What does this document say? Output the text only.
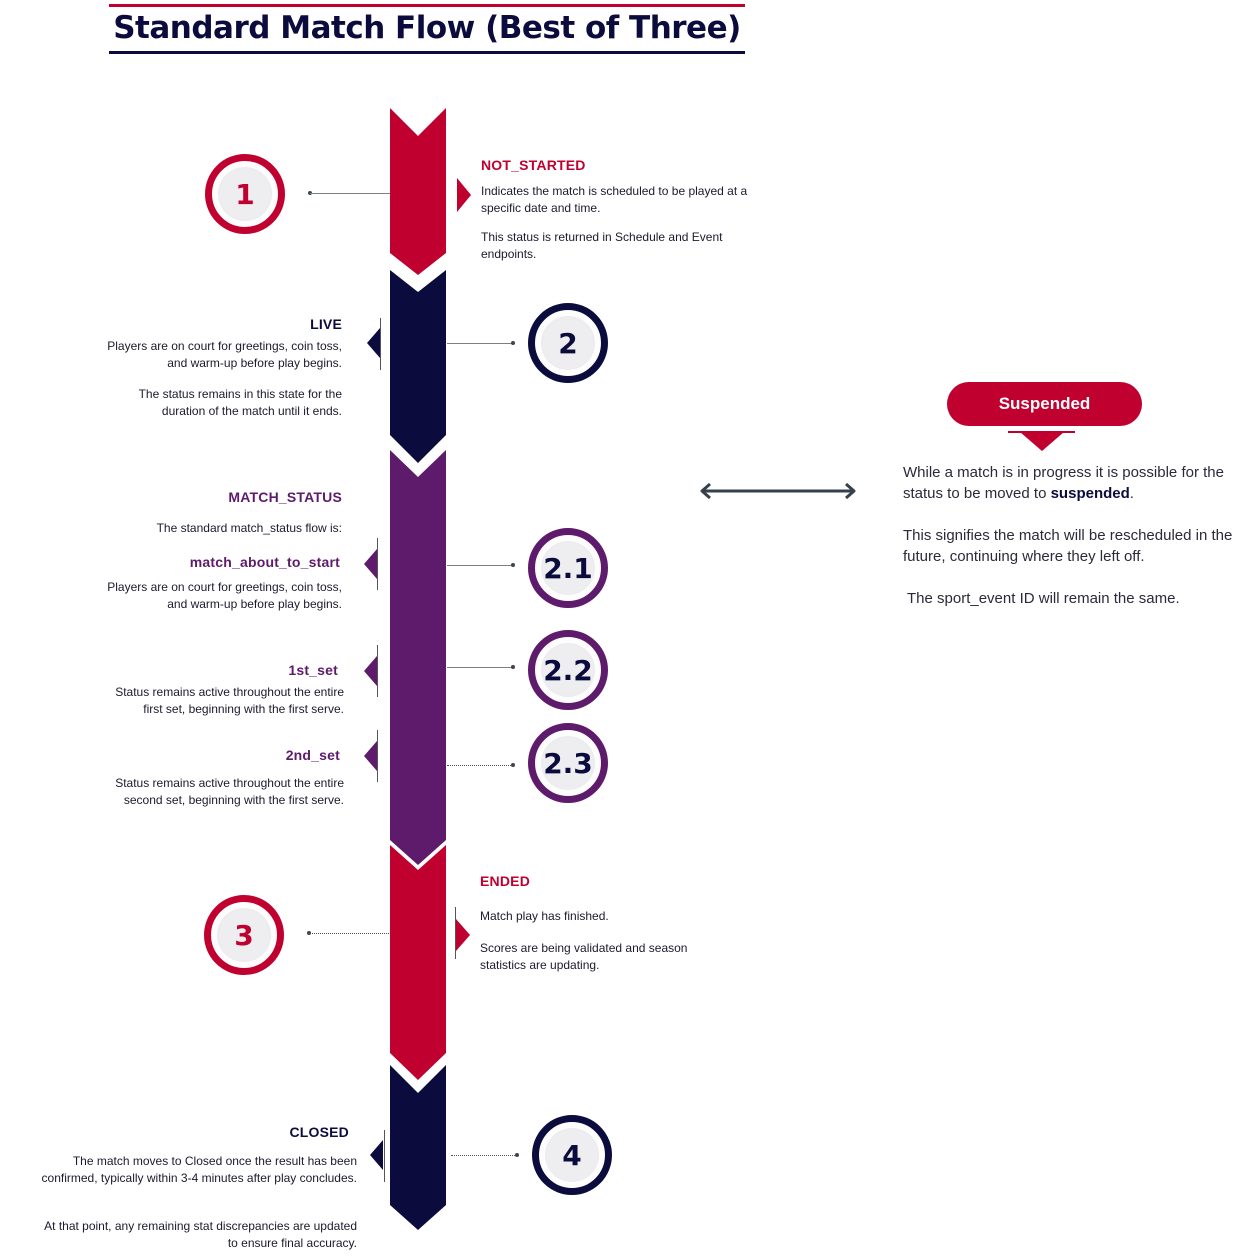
Standard Match Flow (Best of Three)
1
NOT_STARTED
Indicates the match is scheduled to be played at a specific date and time.
This status is returned in Schedule and Event endpoints.
LIVE
Players are on court for greetings, coin toss, and warm-up before play begins.
The status remains in this state for the duration of the match until it ends.
2
MATCH_STATUS
The standard match_status flow is:
match_about_to_start
Players are on court for greetings, coin toss, and warm-up before play begins.
2.1
1st_set
Status remains active throughout the entire first set, beginning with the first serve.
2.2
2nd_set
Status remains active throughout the entire second set, beginning with the first serve.
2.3
3
ENDED
Match play has finished.
Scores are being validated and season statistics are updating.
CLOSED
The match moves to Closed once the result has been confirmed, typically within 3-4 minutes after play concludes.
At that point, any remaining stat discrepancies are updated to ensure final accuracy.
4
Suspended

While a match is in progress it is possible for the status to be moved to suspended.

This signifies the match will be rescheduled in the future, continuing where they left off.

The sport_event ID will remain the same.
